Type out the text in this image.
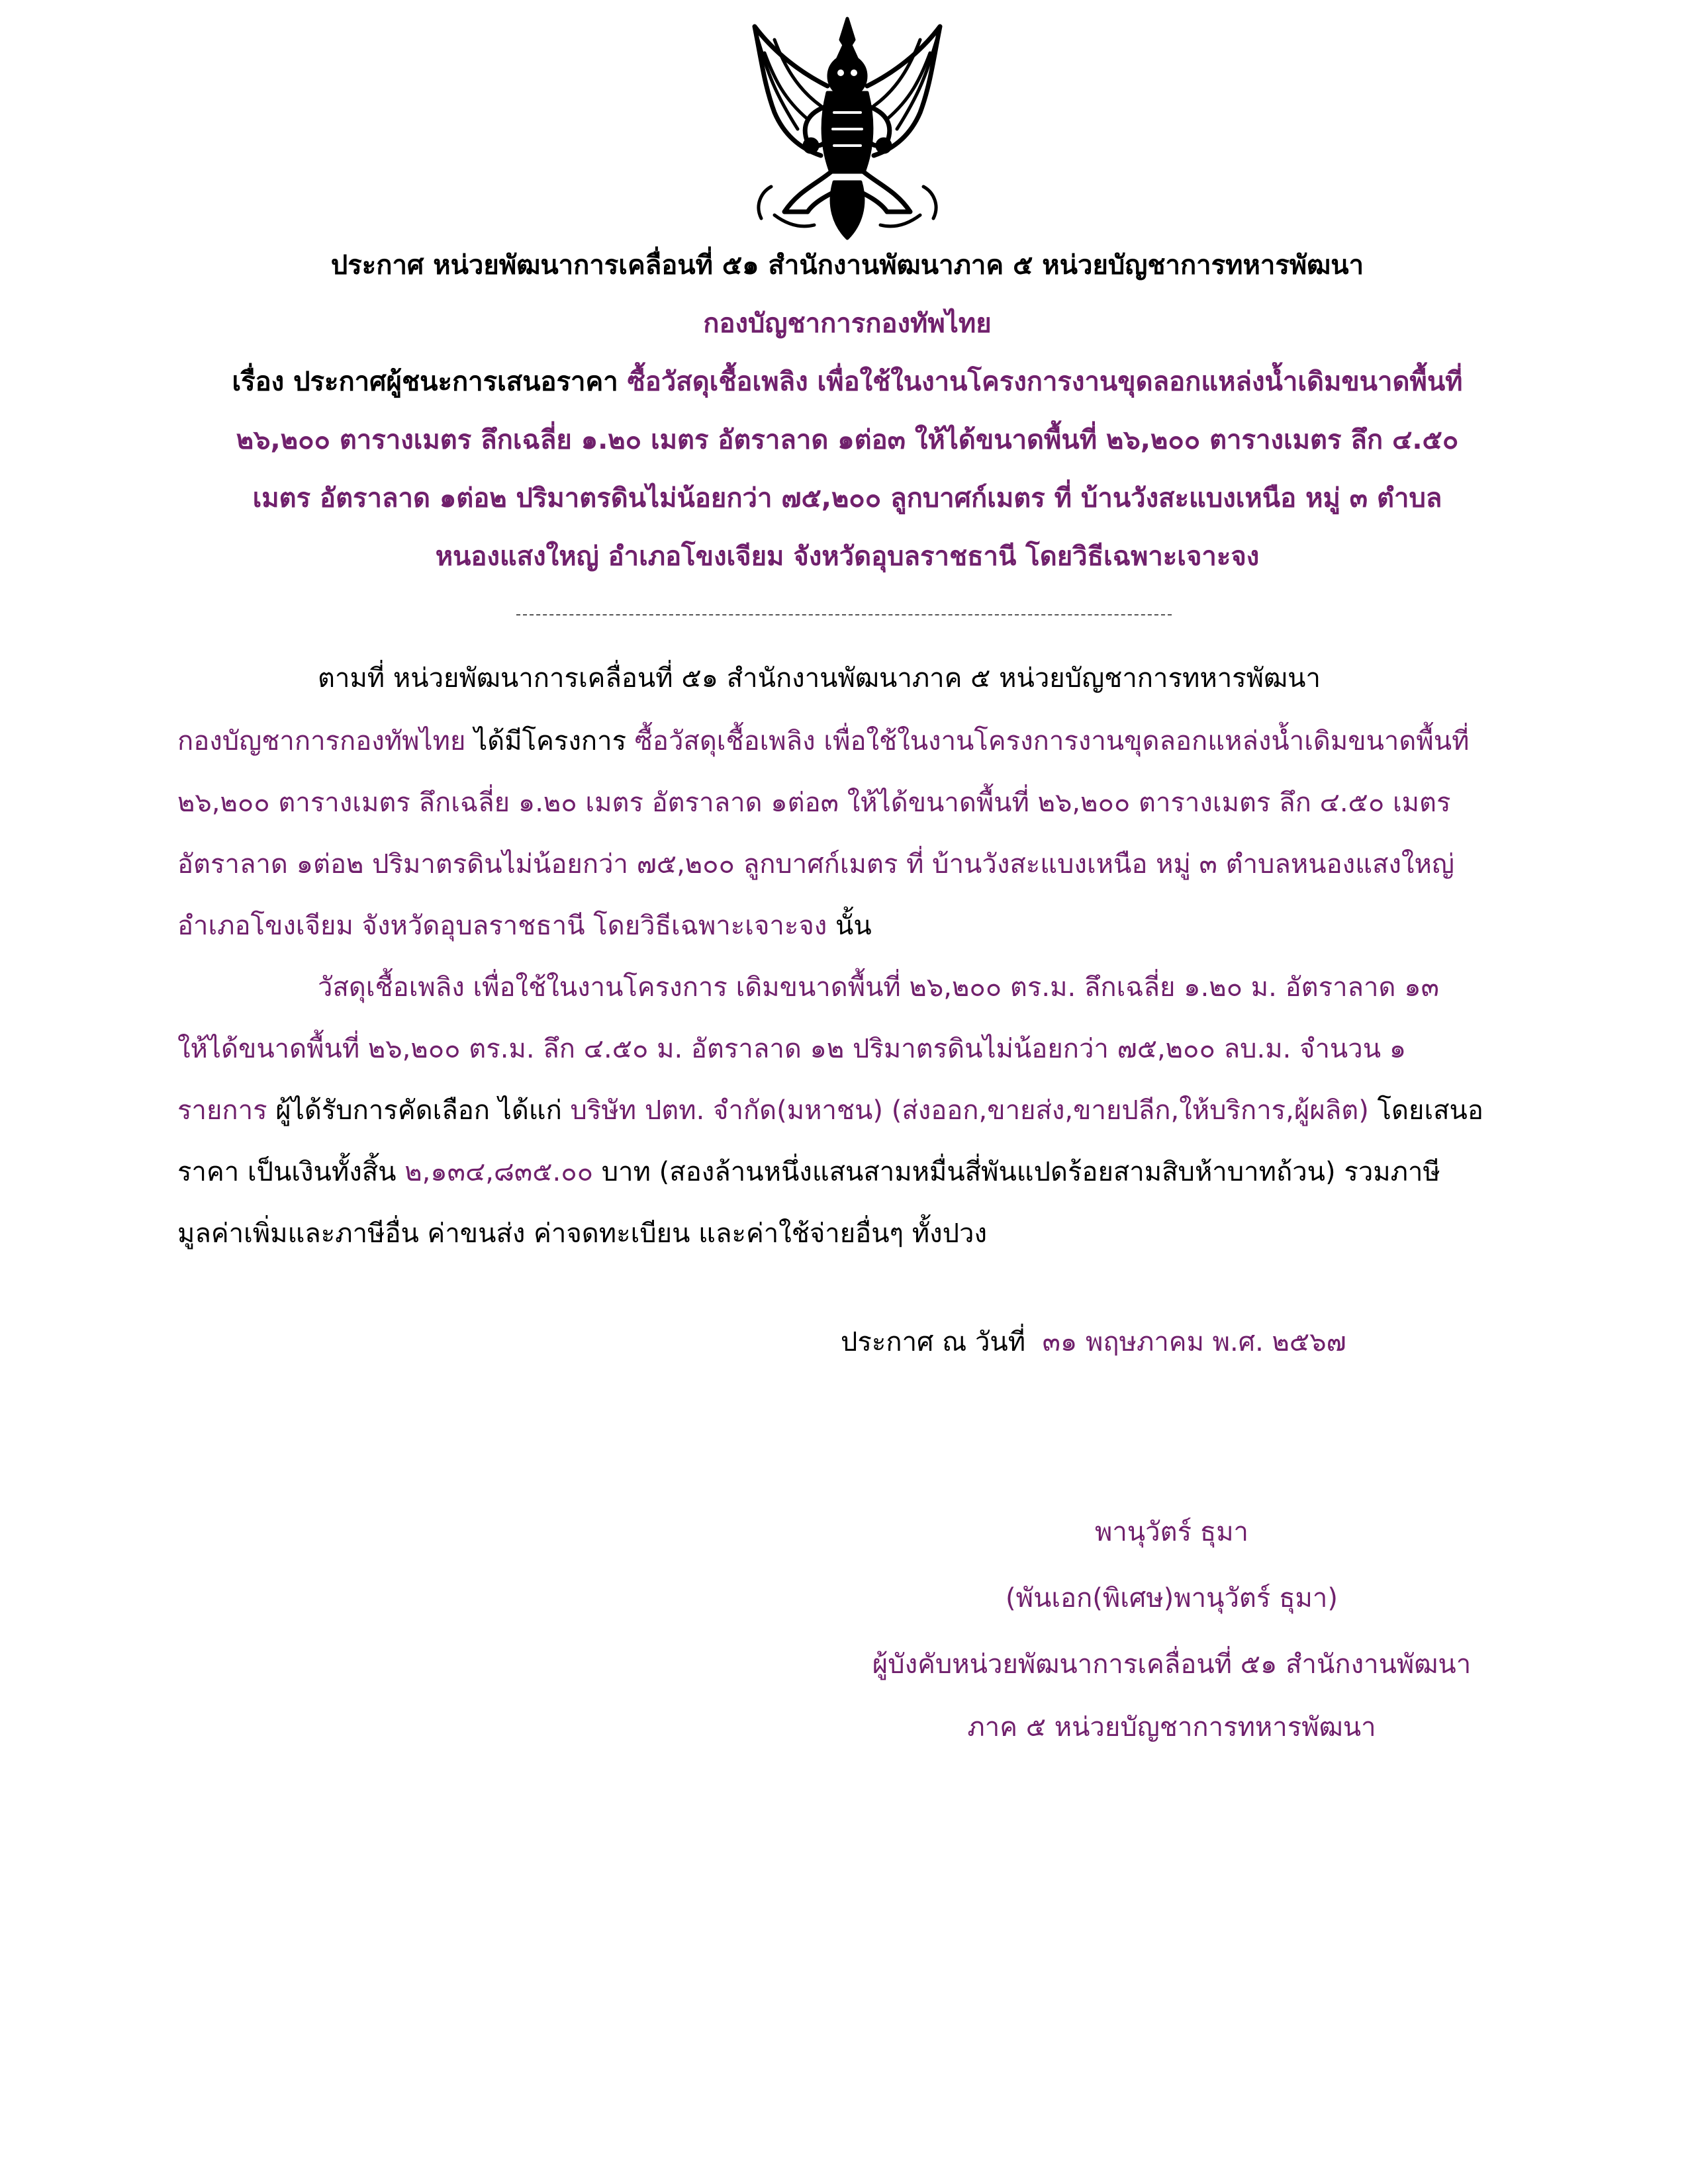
ประกาศ หน่วยพัฒนาการเคลื่อนที่ ๕๑ สำนักงานพัฒนาภาค ๕ หน่วยบัญชาการทหารพัฒนา
กองบัญชาการกองทัพไทย
เรื่อง ประกาศผู้ชนะการเสนอราคา ซื้อวัสดุเชื้อเพลิง เพื่อใช้ในงานโครงการงานขุดลอกแหล่งน้ำเดิมขนาดพื้นที่
๒๖,๒๐๐ ตารางเมตร ลึกเฉลี่ย ๑.๒๐ เมตร อัตราลาด ๑ต่อ๓ ให้ได้ขนาดพื้นที่ ๒๖,๒๐๐ ตารางเมตร ลึก ๔.๕๐
เมตร อัตราลาด ๑ต่อ๒ ปริมาตรดินไม่น้อยกว่า ๗๕,๒๐๐ ลูกบาศก์เมตร ที่ บ้านวังสะแบงเหนือ หมู่ ๓ ตำบล
หนองแสงใหญ่ อำเภอโขงเจียม จังหวัดอุบลราชธานี โดยวิธีเฉพาะเจาะจง
ตามที่ หน่วยพัฒนาการเคลื่อนที่ ๕๑ สำนักงานพัฒนาภาค ๕ หน่วยบัญชาการทหารพัฒนา
กองบัญชาการกองทัพไทย ได้มีโครงการ ซื้อวัสดุเชื้อเพลิง เพื่อใช้ในงานโครงการงานขุดลอกแหล่งน้ำเดิมขนาดพื้นที่
๒๖,๒๐๐ ตารางเมตร ลึกเฉลี่ย ๑.๒๐ เมตร อัตราลาด ๑ต่อ๓ ให้ได้ขนาดพื้นที่ ๒๖,๒๐๐ ตารางเมตร ลึก ๔.๕๐ เมตร
อัตราลาด ๑ต่อ๒ ปริมาตรดินไม่น้อยกว่า ๗๕,๒๐๐ ลูกบาศก์เมตร ที่ บ้านวังสะแบงเหนือ หมู่ ๓ ตำบลหนองแสงใหญ่
อำเภอโขงเจียม จังหวัดอุบลราชธานี โดยวิธีเฉพาะเจาะจง นั้น
วัสดุเชื้อเพลิง เพื่อใช้ในงานโครงการ เดิมขนาดพื้นที่ ๒๖,๒๐๐ ตร.ม. ลึกเฉลี่ย ๑.๒๐ ม. อัตราลาด ๑๓
ให้ได้ขนาดพื้นที่ ๒๖,๒๐๐ ตร.ม. ลึก ๔.๕๐ ม. อัตราลาด ๑๒ ปริมาตรดินไม่น้อยกว่า ๗๕,๒๐๐ ลบ.ม. จำนวน ๑
รายการ ผู้ได้รับการคัดเลือก ได้แก่ บริษัท ปตท. จำกัด(มหาชน) (ส่งออก,ขายส่ง,ขายปลีก,ให้บริการ,ผู้ผลิต) โดยเสนอ
ราคา เป็นเงินทั้งสิ้น ๒,๑๓๔,๘๓๕.๐๐ บาท (สองล้านหนึ่งแสนสามหมื่นสี่พันแปดร้อยสามสิบห้าบาทถ้วน) รวมภาษี
มูลค่าเพิ่มและภาษีอื่น ค่าขนส่ง ค่าจดทะเบียน และค่าใช้จ่ายอื่นๆ ทั้งปวง
ประกาศ ณ วันที่ ๓๑ พฤษภาคม พ.ศ. ๒๕๖๗
พานุวัตร์ ธุมา
(พันเอก(พิเศษ)พานุวัตร์ ธุมา)
ผู้บังคับหน่วยพัฒนาการเคลื่อนที่ ๕๑ สำนักงานพัฒนา
ภาค ๕ หน่วยบัญชาการทหารพัฒนา
